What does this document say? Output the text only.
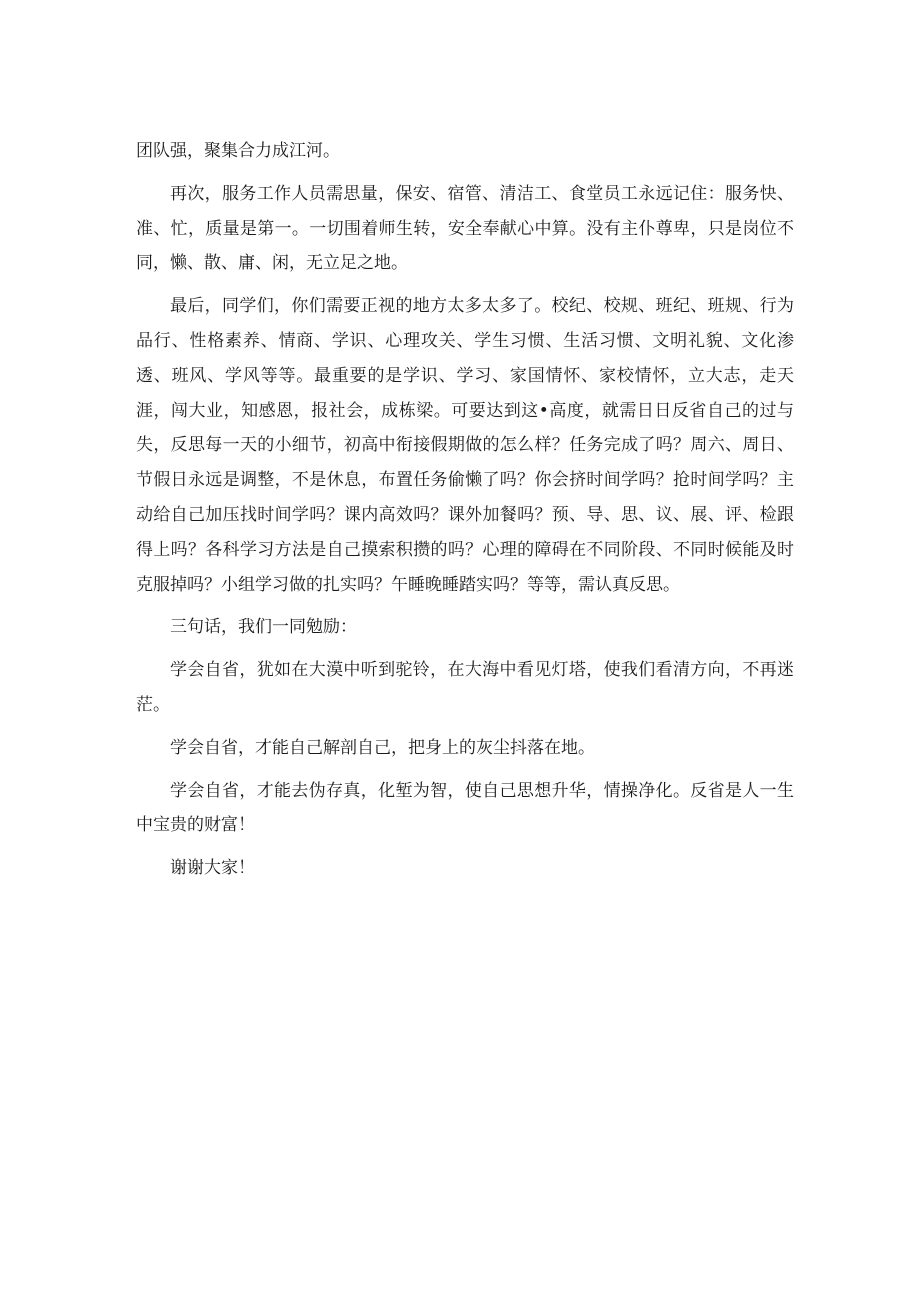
团队强，聚集合力成江河。

再次，服务工作人员需思量，保安、宿管、清洁工、食堂员工永远记住：服务快、准、忙，质量是第一。一切围着师生转，安全奉献心中算。没有主仆尊卑，只是岗位不同，懒、散、庸、闲，无立足之地。

最后，同学们，你们需要正视的地方太多太多了。校纪、校规、班纪、班规、行为品行、性格素养、情商、学识、心理攻关、学生习惯、生活习惯、文明礼貌、文化渗透、班风、学风等等。最重要的是学识、学习、家国情怀、家校情怀，立大志，走天涯，闯大业，知感恩，报社会，成栋梁。可要达到这•高度，就需日日反省自己的过与失，反思每一天的小细节，初高中衔接假期做的怎么样？任务完成了吗？周六、周日、节假日永远是调整，不是休息，布置任务偷懒了吗？你会挤时间学吗？抢时间学吗？主动给自己加压找时间学吗？课内高效吗？课外加餐吗？预、导、思、议、展、评、检跟得上吗？各科学习方法是自己摸索积攒的吗？心理的障碍在不同阶段、不同时候能及时克服掉吗？小组学习做的扎实吗？午睡晚睡踏实吗？等等，需认真反思。

三句话，我们一同勉励：

学会自省，犹如在大漠中听到驼铃，在大海中看见灯塔，使我们看清方向，不再迷茫。

学会自省，才能自己解剖自己，把身上的灰尘抖落在地。

学会自省，才能去伪存真，化堑为智，使自己思想升华，情操净化。反省是人一生中宝贵的财富！

谢谢大家！
